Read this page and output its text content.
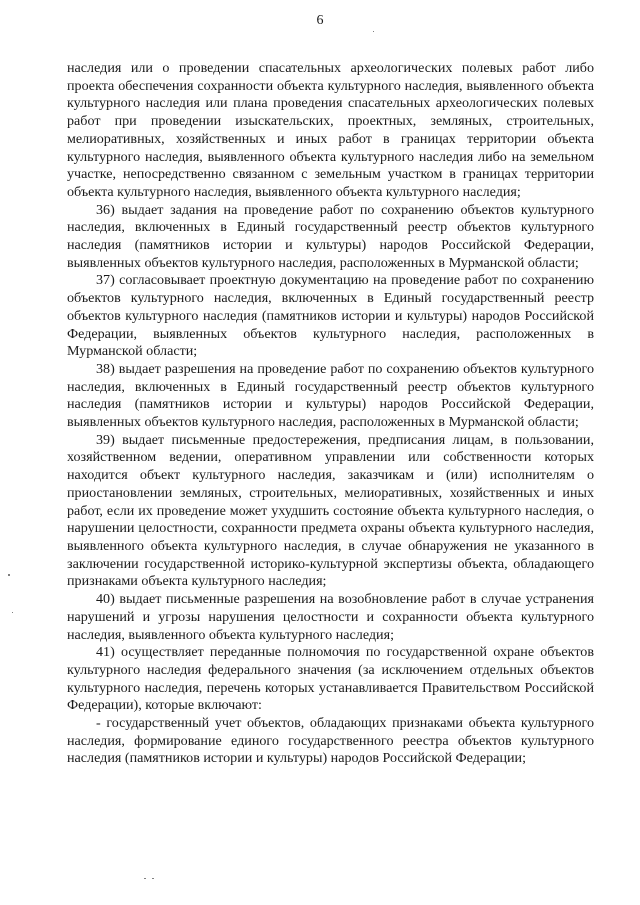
6

наследия или о проведении спасательных археологических полевых работ либо проекта обеспечения сохранности объекта культурного наследия, выявленного объекта культурного наследия или плана проведения спасательных археологических полевых работ при проведении изыскательских, проектных, земляных, строительных, мелиоративных, хозяйственных и иных работ в границах территории объекта культурного наследия, выявленного объекта культурного наследия либо на земельном участке, непосредственно связанном с земельным участком в границах территории объекта культурного наследия, выявленного объекта культурного наследия;

36) выдает задания на проведение работ по сохранению объектов культурного наследия, включенных в Единый государственный реестр объектов культурного наследия (памятников истории и культуры) народов Российской Федерации, выявленных объектов культурного наследия, расположенных в Мурманской области;

37) согласовывает проектную документацию на проведение работ по сохранению объектов культурного наследия, включенных в Единый государственный реестр объектов культурного наследия (памятников истории и культуры) народов Российской Федерации, выявленных объектов культурного наследия, расположенных в Мурманской области;

38) выдает разрешения на проведение работ по сохранению объектов культурного наследия, включенных в Единый государственный реестр объектов культурного наследия (памятников истории и культуры) народов Российской Федерации, выявленных объектов культурного наследия, расположенных в Мурманской области;

39) выдает письменные предостережения, предписания лицам, в пользовании, хозяйственном ведении, оперативном управлении или собственности которых находится объект культурного наследия, заказчикам и (или) исполнителям о приостановлении земляных, строительных, мелиоративных, хозяйственных и иных работ, если их проведение может ухудшить состояние объекта культурного наследия, о нарушении целостности, сохранности предмета охраны объекта культурного наследия, выявленного объекта культурного наследия, в случае обнаружения не указанного в заключении государственной историко-культурной экспертизы объекта, обладающего признаками объекта культурного наследия;

40) выдает письменные разрешения на возобновление работ в случае устранения нарушений и угрозы нарушения целостности и сохранности объекта культурного наследия, выявленного объекта культурного наследия;

41) осуществляет переданные полномочия по государственной охране объектов культурного наследия федерального значения (за исключением отдельных объектов культурного наследия, перечень которых устанавливается Правительством Российской Федерации), которые включают:

- государственный учет объектов, обладающих признаками объекта культурного наследия, формирование единого государственного реестра объектов культурного наследия (памятников истории и культуры) народов Российской Федерации;
